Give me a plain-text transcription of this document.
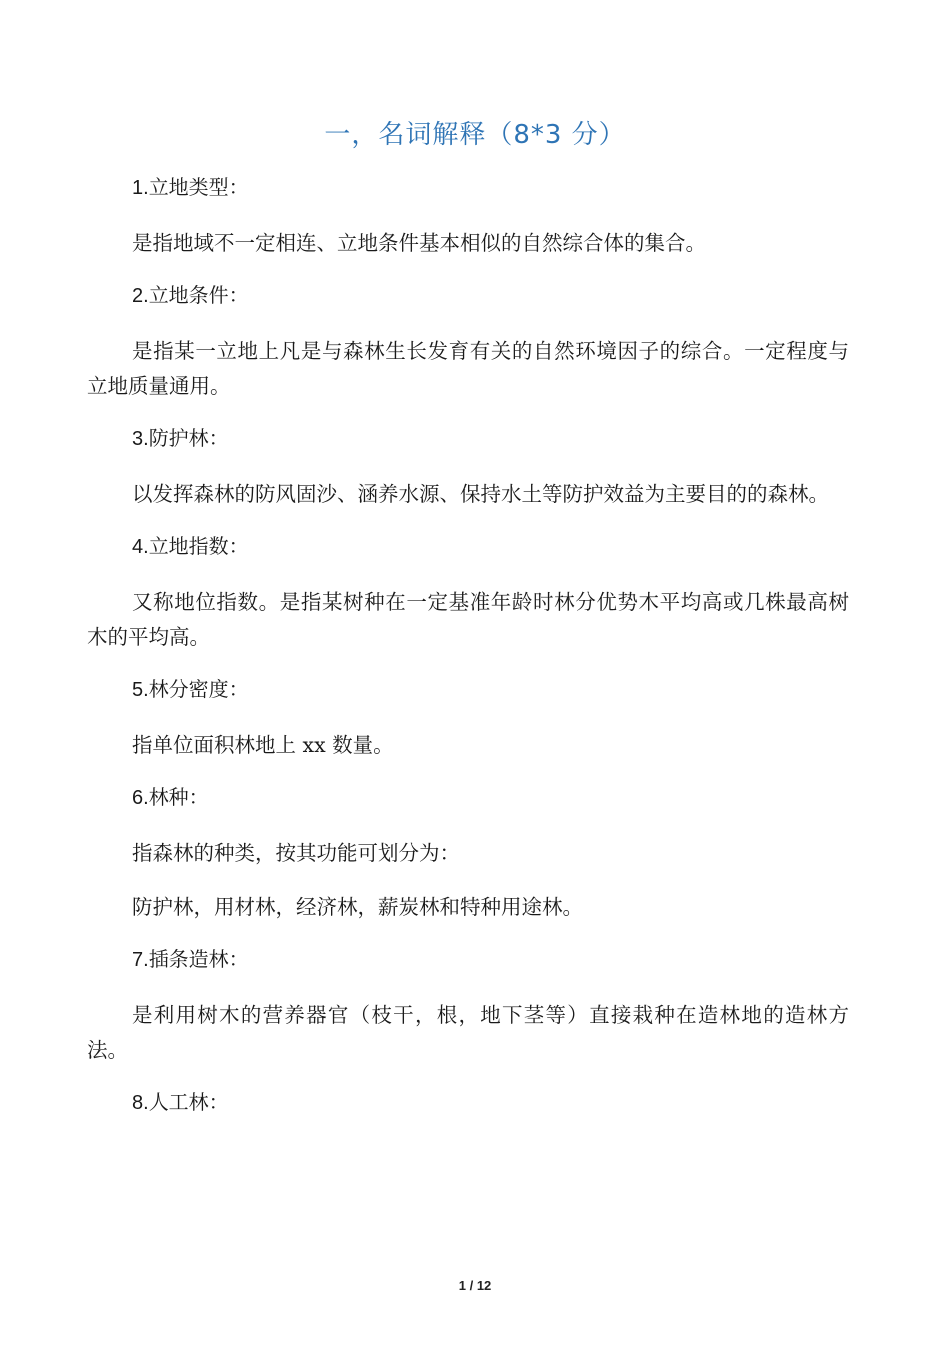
一，名词解释（8*3 分）

1.立地类型：

是指地域不一定相连、立地条件基本相似的自然综合体的集合。

2.立地条件：

是指某一立地上凡是与森林生长发育有关的自然环境因子的综合。一定程度与立地质量通用。

3.防护林：

以发挥森林的防风固沙、涵养水源、保持水土等防护效益为主要目的的森林。

4.立地指数：

又称地位指数。是指某树种在一定基准年龄时林分优势木平均高或几株最高树木的平均高。

5.林分密度：

指单位面积林地上 xx 数量。

6.林种：

指森林的种类，按其功能可划分为：

防护林，用材林，经济林，薪炭林和特种用途林。

7.插条造林：

是利用树木的营养器官（枝干，根，地下茎等）直接栽种在造林地的造林方法。

8.人工林：

1 / 12
